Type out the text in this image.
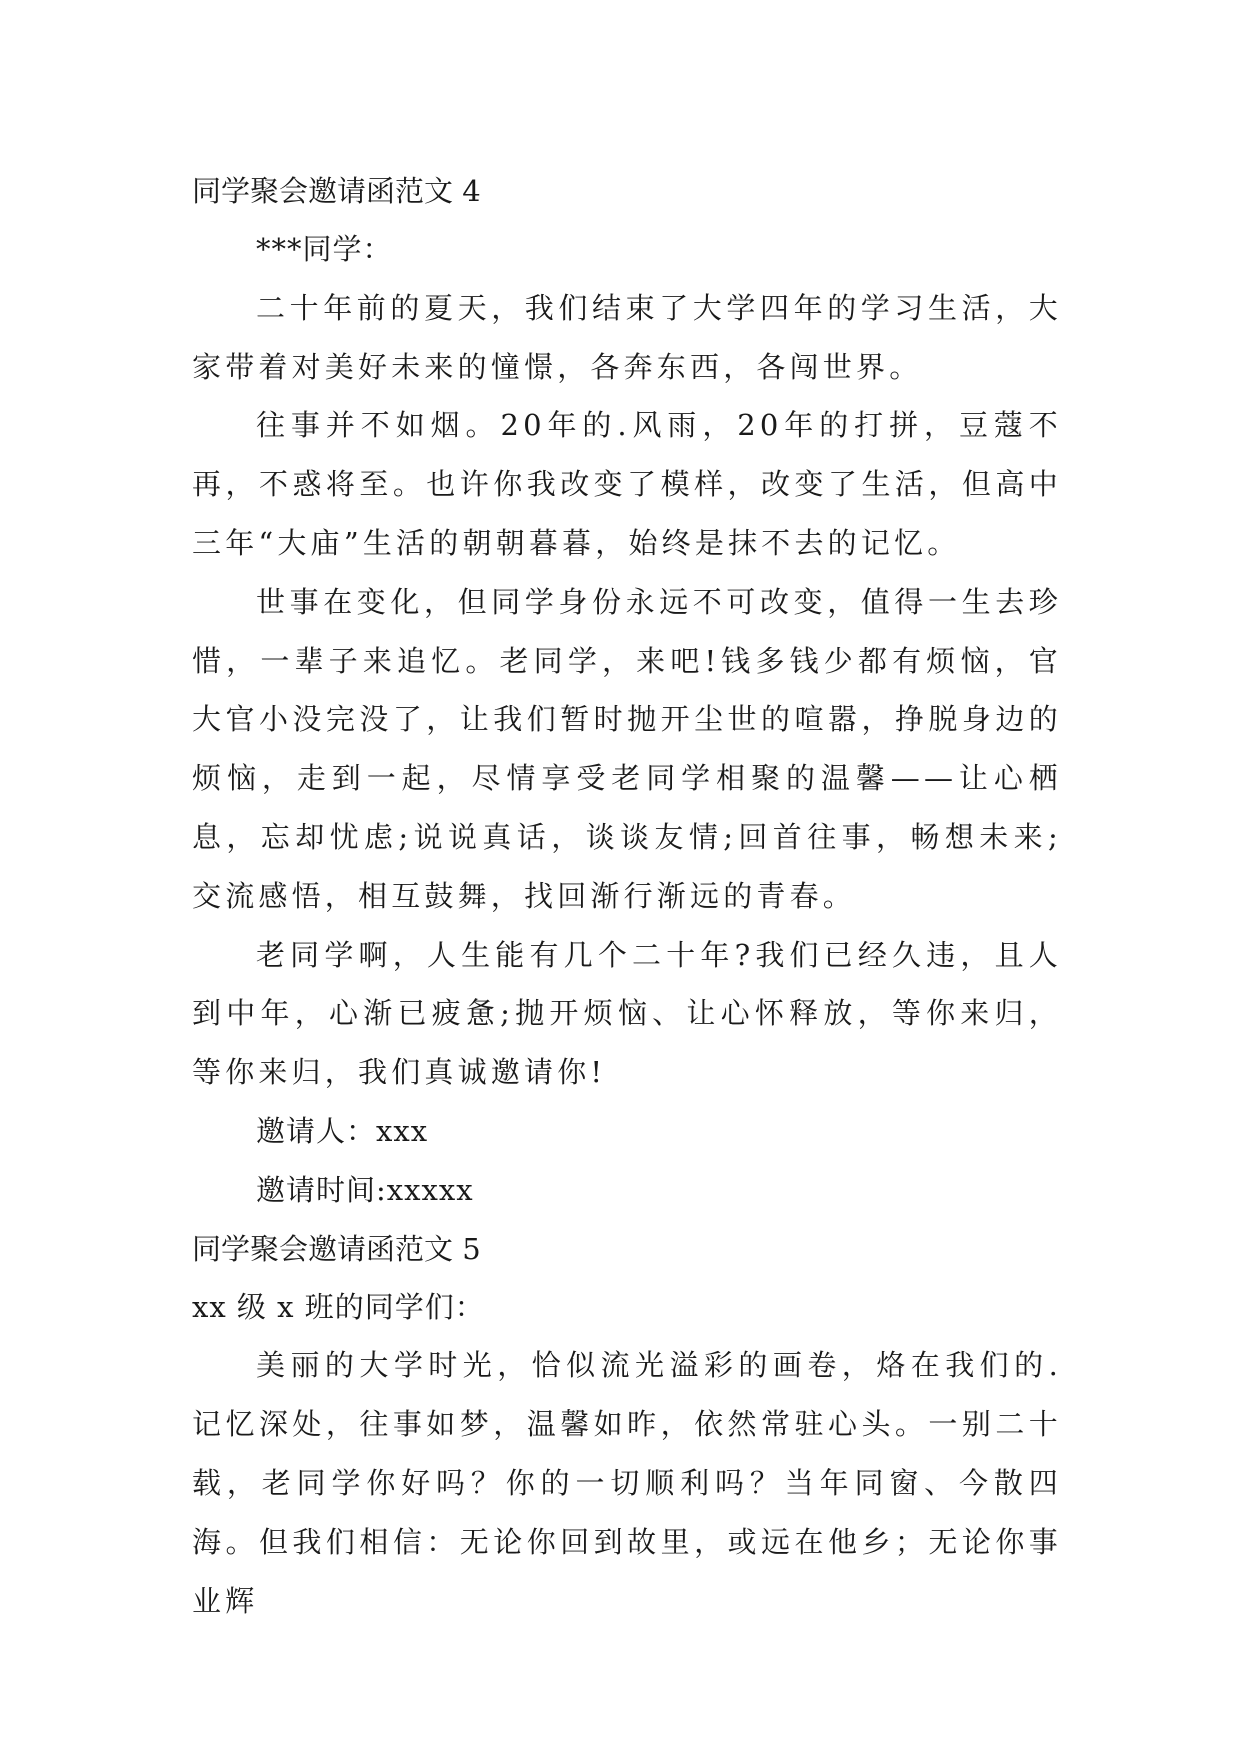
同学聚会邀请函范文 4

***同学：

二十年前的夏天，我们结束了大学四年的学习生活，大家带着对美好未来的憧憬，各奔东西，各闯世界。

往事并不如烟。20年的.风雨，20年的打拼，豆蔻不再，不惑将至。也许你我改变了模样，改变了生活，但高中三年“大庙”生活的朝朝暮暮，始终是抹不去的记忆。

世事在变化，但同学身份永远不可改变，值得一生去珍惜，一辈子来追忆。老同学，来吧!钱多钱少都有烦恼，官大官小没完没了，让我们暂时抛开尘世的喧嚣，挣脱身边的烦恼，走到一起，尽情享受老同学相聚的温馨——让心栖息，忘却忧虑;说说真话，谈谈友情;回首往事，畅想未来;交流感悟，相互鼓舞，找回渐行渐远的青春。

老同学啊，人生能有几个二十年?我们已经久违，且人到中年，心渐已疲惫;抛开烦恼、让心怀释放，等你来归，等你来归，我们真诚邀请你!

邀请人：xxx

邀请时间:xxxxx

同学聚会邀请函范文 5

xx 级 x 班的同学们：

美丽的大学时光，恰似流光溢彩的画卷，烙在我们的.记忆深处，往事如梦，温馨如昨，依然常驻心头。一别二十载，老同学你好吗？你的一切顺利吗？当年同窗、今散四海。但我们相信：无论你回到故里，或远在他乡；无论你事业辉
